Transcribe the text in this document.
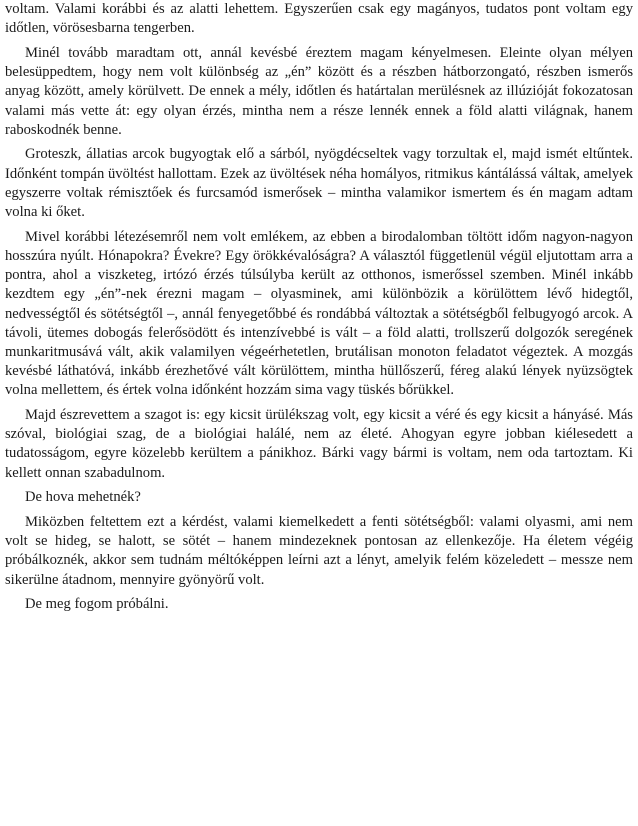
voltam. Valami korábbi és az alatti lehettem. Egyszerűen csak egy magányos, tudatos pont voltam egy időtlen, vörösesbarna tengerben.

Minél tovább maradtam ott, annál kevésbé éreztem magam kényelmesen. Eleinte olyan mélyen belesüppedtem, hogy nem volt különbség az „én” között és a részben hátborzongató, részben ismerős anyag között, amely körülvett. De ennek a mély, időtlen és határtalan merülésnek az illúzióját fokozatosan valami más vette át: egy olyan érzés, mintha nem a része lennék ennek a föld alatti világnak, hanem raboskodnék benne.

Groteszk, állatias arcok bugyogtak elő a sárból, nyögdécseltek vagy torzultak el, majd ismét eltűntek. Időnként tompán üvöltést hallottam. Ezek az üvöltések néha homályos, ritmikus kántálássá váltak, amelyek egyszerre voltak rémisztőek és furcsamód ismerősek – mintha valamikor ismertem és én magam adtam volna ki őket.

Mivel korábbi létezésemről nem volt emlékem, az ebben a birodalomban töltött időm nagyon-nagyon hosszúra nyúlt. Hónapokra? Évekre? Egy örökkévalóságra? A választól függetlenül végül eljutottam arra a pontra, ahol a viszketeg, irtózó érzés túlsúlyba került az otthonos, ismerőssel szemben. Minél inkább kezdtem egy „én”-nek érezni magam – olyasminek, ami különbözik a körülöttem lévő hidegtől, nedvességtől és sötétségtől –, annál fenyegetőbbé és rondábbá változtak a sötétségből felbugyogó arcok. A távoli, ütemes dobogás felerősödött és intenzívebbé is vált – a föld alatti, trollszerű dolgozók seregének munkaritmusává vált, akik valamilyen végeérhetetlen, brutálisan monoton feladatot végeztek. A mozgás kevésbé láthatóvá, inkább érezhetővé vált körülöttem, mintha hüllőszerű, féreg alakú lények nyüzsögtek volna mellettem, és értek volna időnként hozzám sima vagy tüskés bőrükkel.

Majd észrevettem a szagot is: egy kicsit ürülékszag volt, egy kicsit a véré és egy kicsit a hányásé. Más szóval, biológiai szag, de a biológiai halálé, nem az életé. Ahogyan egyre jobban kiélesedett a tudatosságom, egyre közelebb kerültem a pánikhoz. Bárki vagy bármi is voltam, nem oda tartoztam. Ki kellett onnan szabadulnom.

De hova mehetnék?

Miközben feltettem ezt a kérdést, valami kiemelkedett a fenti sötétségből: valami olyasmi, ami nem volt se hideg, se halott, se sötét – hanem mindezeknek pontosan az ellenkezője. Ha életem végéig próbálkoznék, akkor sem tudnám méltóképpen leírni azt a lényt, amelyik felém közeledett – messze nem sikerülne átadnom, mennyire gyönyörű volt.

De meg fogom próbálni.
